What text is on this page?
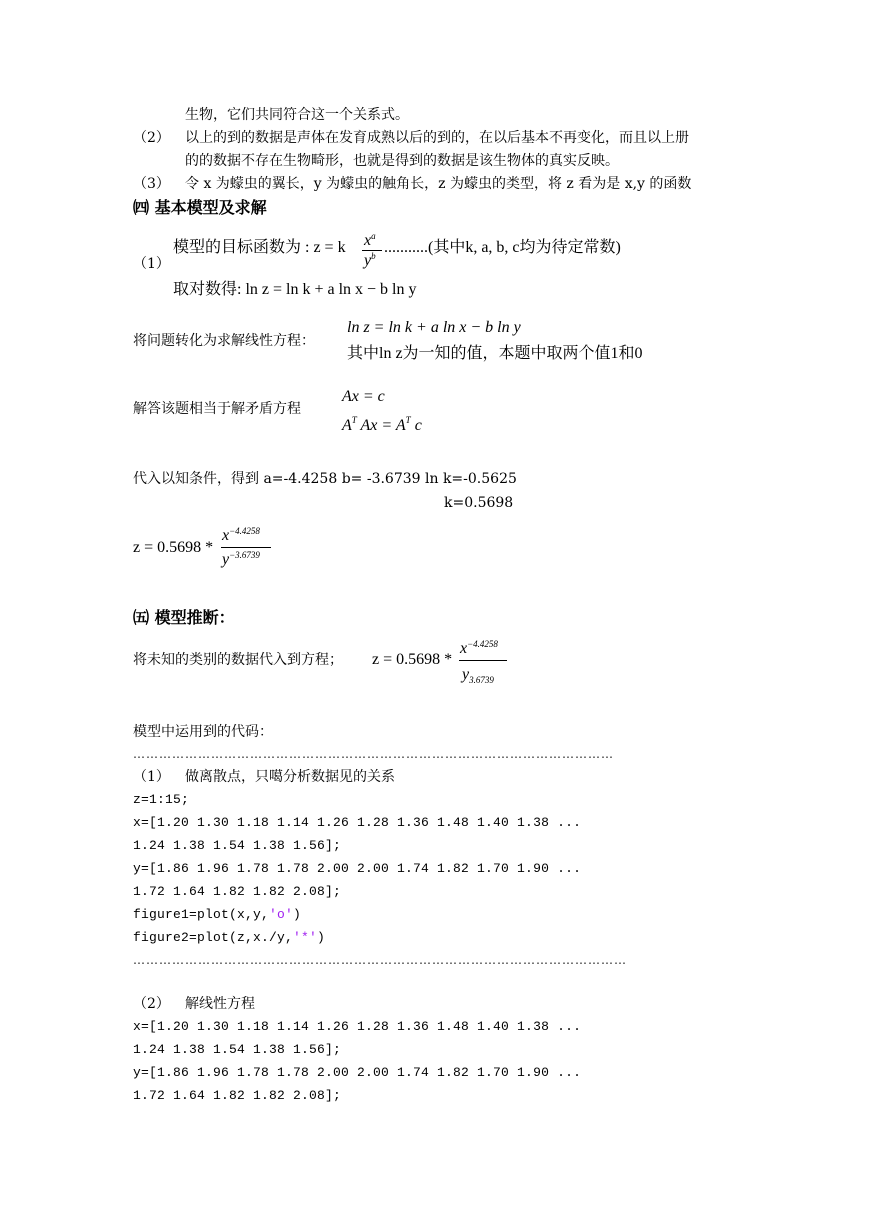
生物，它们共同符合这一个关系式。
（2） 以上的到的数据是声体在发育成熟以后的到的，在以后基本不再变化，而且以上册
的的数据不存在生物畸形，也就是得到的数据是该生物体的真实反映。
（3） 令 x 为蠓虫的翼长，y 为蠓虫的触角长，z 为蠓虫的类型，将 z 看为是 x,y 的函数
㈣ 基本模型及求解
（1）
模型的目标函数为 : z = k $x^a$
$y^b$ ...........(其中k, a, b, c均为待定常数)
取对数得: ln z = ln k + a ln x − b ln y
将问题转化为求解线性方程：
ln z = ln k + a ln x − b ln y
其中ln z为一知的值，本题中取两个值1和0
解答该题相当于解矛盾方程
Ax = c
$A^T$ $Ax = A^T$ c
代入以知条件，得到 a=-4.4258 b= -3.6739 ln k=-0.5625
k=0.5698
z = 0.5698 *
$x^{-4.4258}$
$y^{-3.6739}$
㈤ 模型推断：
将未知的类别的数据代入到方程； z = 0.5698 *
$x^{-4.4258}$
$y_{3.6739}$
模型中运用到的代码：
…………………………………………………………………………………………………
（1） 做离散点，只噶分析数据见的关系
z=1:15;
x=[1.20 1.30 1.18 1.14 1.26 1.28 1.36 1.48 1.40 1.38 ...
1.24 1.38 1.54 1.38 1.56];
y=[1.86 1.96 1.78 1.78 2.00 2.00 1.74 1.82 1.70 1.90 ...
1.72 1.64 1.82 1.82 2.08];
figure1=plot(x,y,'o')
figure2=plot(z,x./y,'*')
……………………………………………………………………………………………………
（2） 解线性方程
x=[1.20 1.30 1.18 1.14 1.26 1.28 1.36 1.48 1.40 1.38 ...
1.24 1.38 1.54 1.38 1.56];
y=[1.86 1.96 1.78 1.78 2.00 2.00 1.74 1.82 1.70 1.90 ...
1.72 1.64 1.82 1.82 2.08];
